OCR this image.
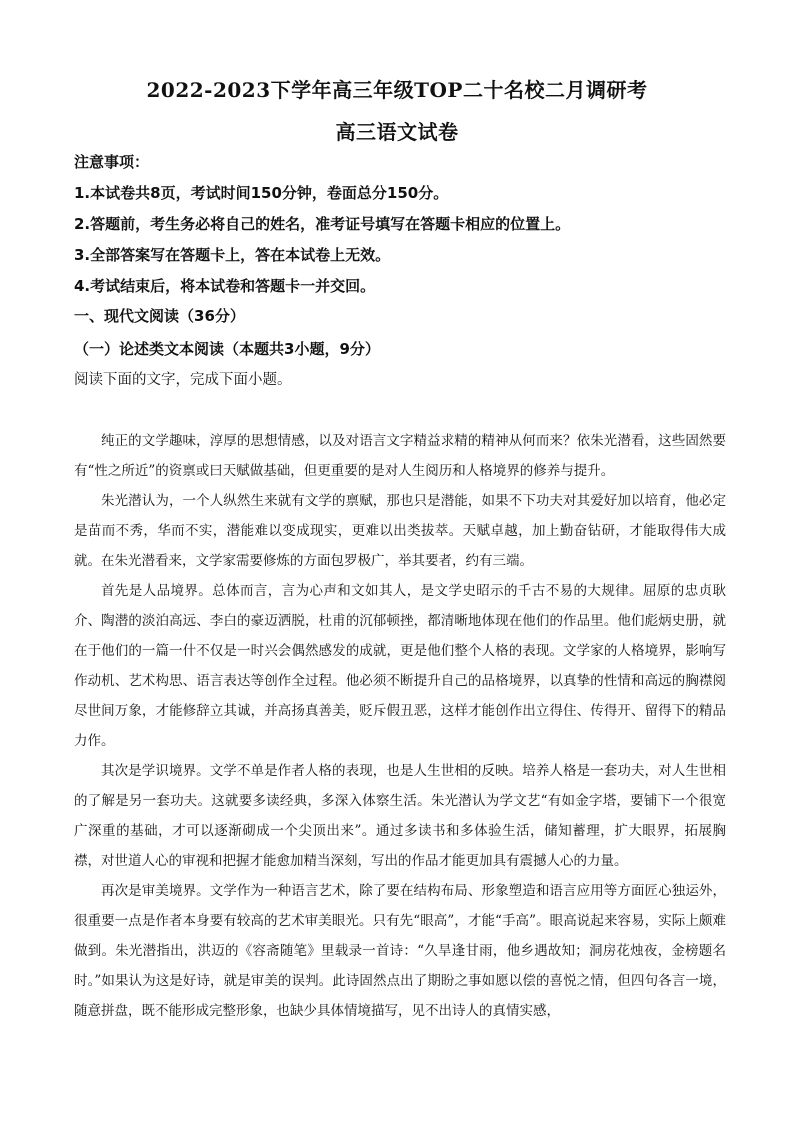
2022-2023下学年高三年级TOP二十名校二月调研考
高三语文试卷

注意事项：

1.本试卷共8页，考试时间150分钟，卷面总分150分。

2.答题前，考生务必将自己的姓名，准考证号填写在答题卡相应的位置上。

3.全部答案写在答题卡上，答在本试卷上无效。

4.考试结束后，将本试卷和答题卡一并交回。

一、现代文阅读（36分）

（一）论述类文本阅读（本题共3小题，9分）

阅读下面的文字，完成下面小题。

纯正的文学趣味，淳厚的思想情感，以及对语言文字精益求精的精神从何而来？依朱光潜看，这些固然要有“性之所近”的资禀或曰天赋做基础，但更重要的是对人生阅历和人格境界的修养与提升。

朱光潜认为，一个人纵然生来就有文学的禀赋，那也只是潜能，如果不下功夫对其爱好加以培育，他必定是苗而不秀，华而不实，潜能难以变成现实，更难以出类拔萃。天赋卓越，加上勤奋钻研，才能取得伟大成就。在朱光潜看来，文学家需要修炼的方面包罗极广，举其要者，约有三端。

首先是人品境界。总体而言，言为心声和文如其人，是文学史昭示的千古不易的大规律。屈原的忠贞耿介、陶潜的淡泊高远、李白的豪迈洒脱，杜甫的沉郁顿挫，都清晰地体现在他们的作品里。他们彪炳史册，就在于他们的一篇一什不仅是一时兴会偶然感发的成就，更是他们整个人格的表现。文学家的人格境界，影响写作动机、艺术构思、语言表达等创作全过程。他必须不断提升自己的品格境界，以真挚的性情和高远的胸襟阅尽世间万象，才能修辞立其诚，并高扬真善美，贬斥假丑恶，这样才能创作出立得住、传得开、留得下的精品力作。

其次是学识境界。文学不单是作者人格的表现，也是人生世相的反映。培养人格是一套功夫，对人生世相的了解是另一套功夫。这就要多读经典，多深入体察生活。朱光潜认为学文艺“有如金字塔，要铺下一个很宽广深重的基础，才可以逐渐砌成一个尖顶出来”。通过多读书和多体验生活，储知蓄理，扩大眼界，拓展胸襟，对世道人心的审视和把握才能愈加精当深刻，写出的作品才能更加具有震撼人心的力量。

再次是审美境界。文学作为一种语言艺术，除了要在结构布局、形象塑造和语言应用等方面匠心独运外，很重要一点是作者本身要有较高的艺术审美眼光。只有先“眼高”，才能“手高”。眼高说起来容易，实际上颇难做到。朱光潜指出，洪迈的《容斋随笔》里载录一首诗：“久旱逢甘雨，他乡遇故知；洞房花烛夜，金榜题名时。”如果认为这是好诗，就是审美的误判。此诗固然点出了期盼之事如愿以偿的喜悦之情，但四句各言一境，随意拼盘，既不能形成完整形象，也缺少具体情境描写，见不出诗人的真情实感，
